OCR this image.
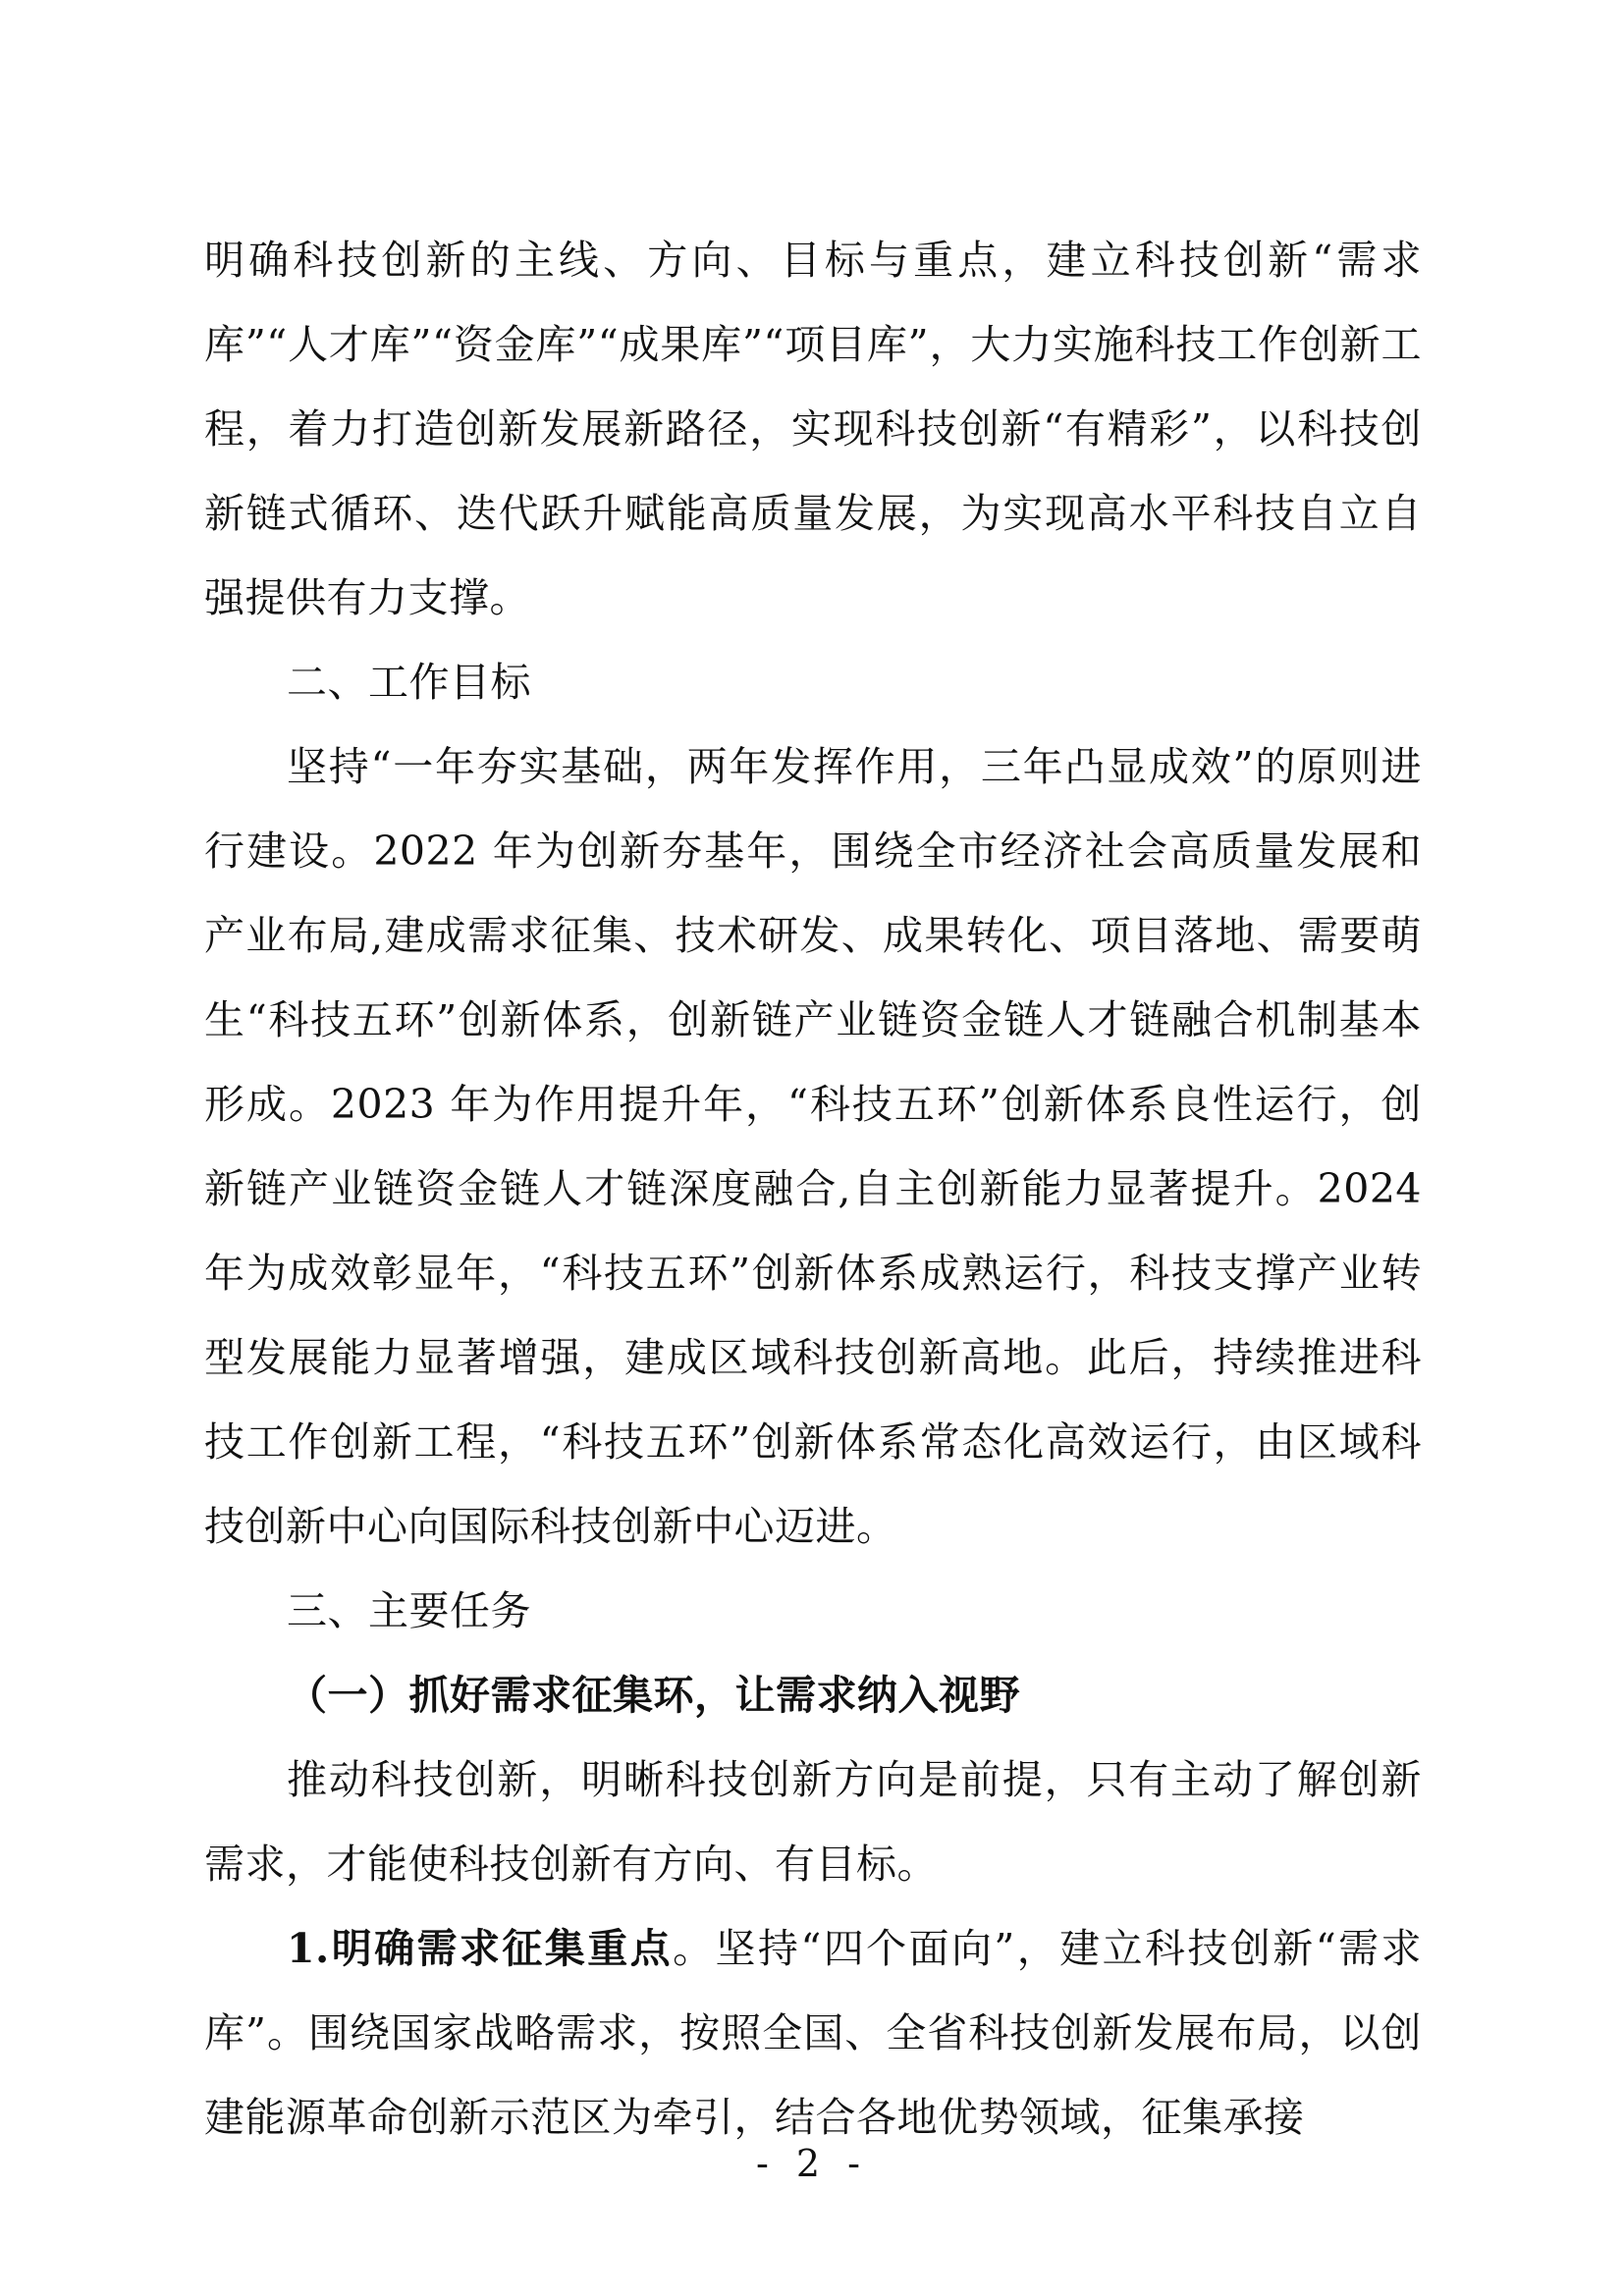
明确科技创新的主线、方向、目标与重点，建立科技创新“需求库”“人才库”“资金库”“成果库”“项目库”，大力实施科技工作创新工程，着力打造创新发展新路径，实现科技创新“有精彩”，以科技创新链式循环、迭代跃升赋能高质量发展，为实现高水平科技自立自强提供有力支撑。

二、工作目标

坚持“一年夯实基础，两年发挥作用，三年凸显成效”的原则进行建设。2022 年为创新夯基年，围绕全市经济社会高质量发展和产业布局,建成需求征集、技术研发、成果转化、项目落地、需要萌生“科技五环”创新体系，创新链产业链资金链人才链融合机制基本形成。2023 年为作用提升年，“科技五环”创新体系良性运行，创新链产业链资金链人才链深度融合,自主创新能力显著提升。2024 年为成效彰显年，“科技五环”创新体系成熟运行，科技支撑产业转型发展能力显著增强，建成区域科技创新高地。此后，持续推进科技工作创新工程，“科技五环”创新体系常态化高效运行，由区域科技创新中心向国际科技创新中心迈进。

三、主要任务

（一）抓好需求征集环，让需求纳入视野

推动科技创新，明晰科技创新方向是前提，只有主动了解创新需求，才能使科技创新有方向、有目标。

1.明确需求征集重点。坚持“四个面向”，建立科技创新“需求库”。围绕国家战略需求，按照全国、全省科技创新发展布局，以创建能源革命创新示范区为牵引，结合各地优势领域，征集承接

- 2 -
